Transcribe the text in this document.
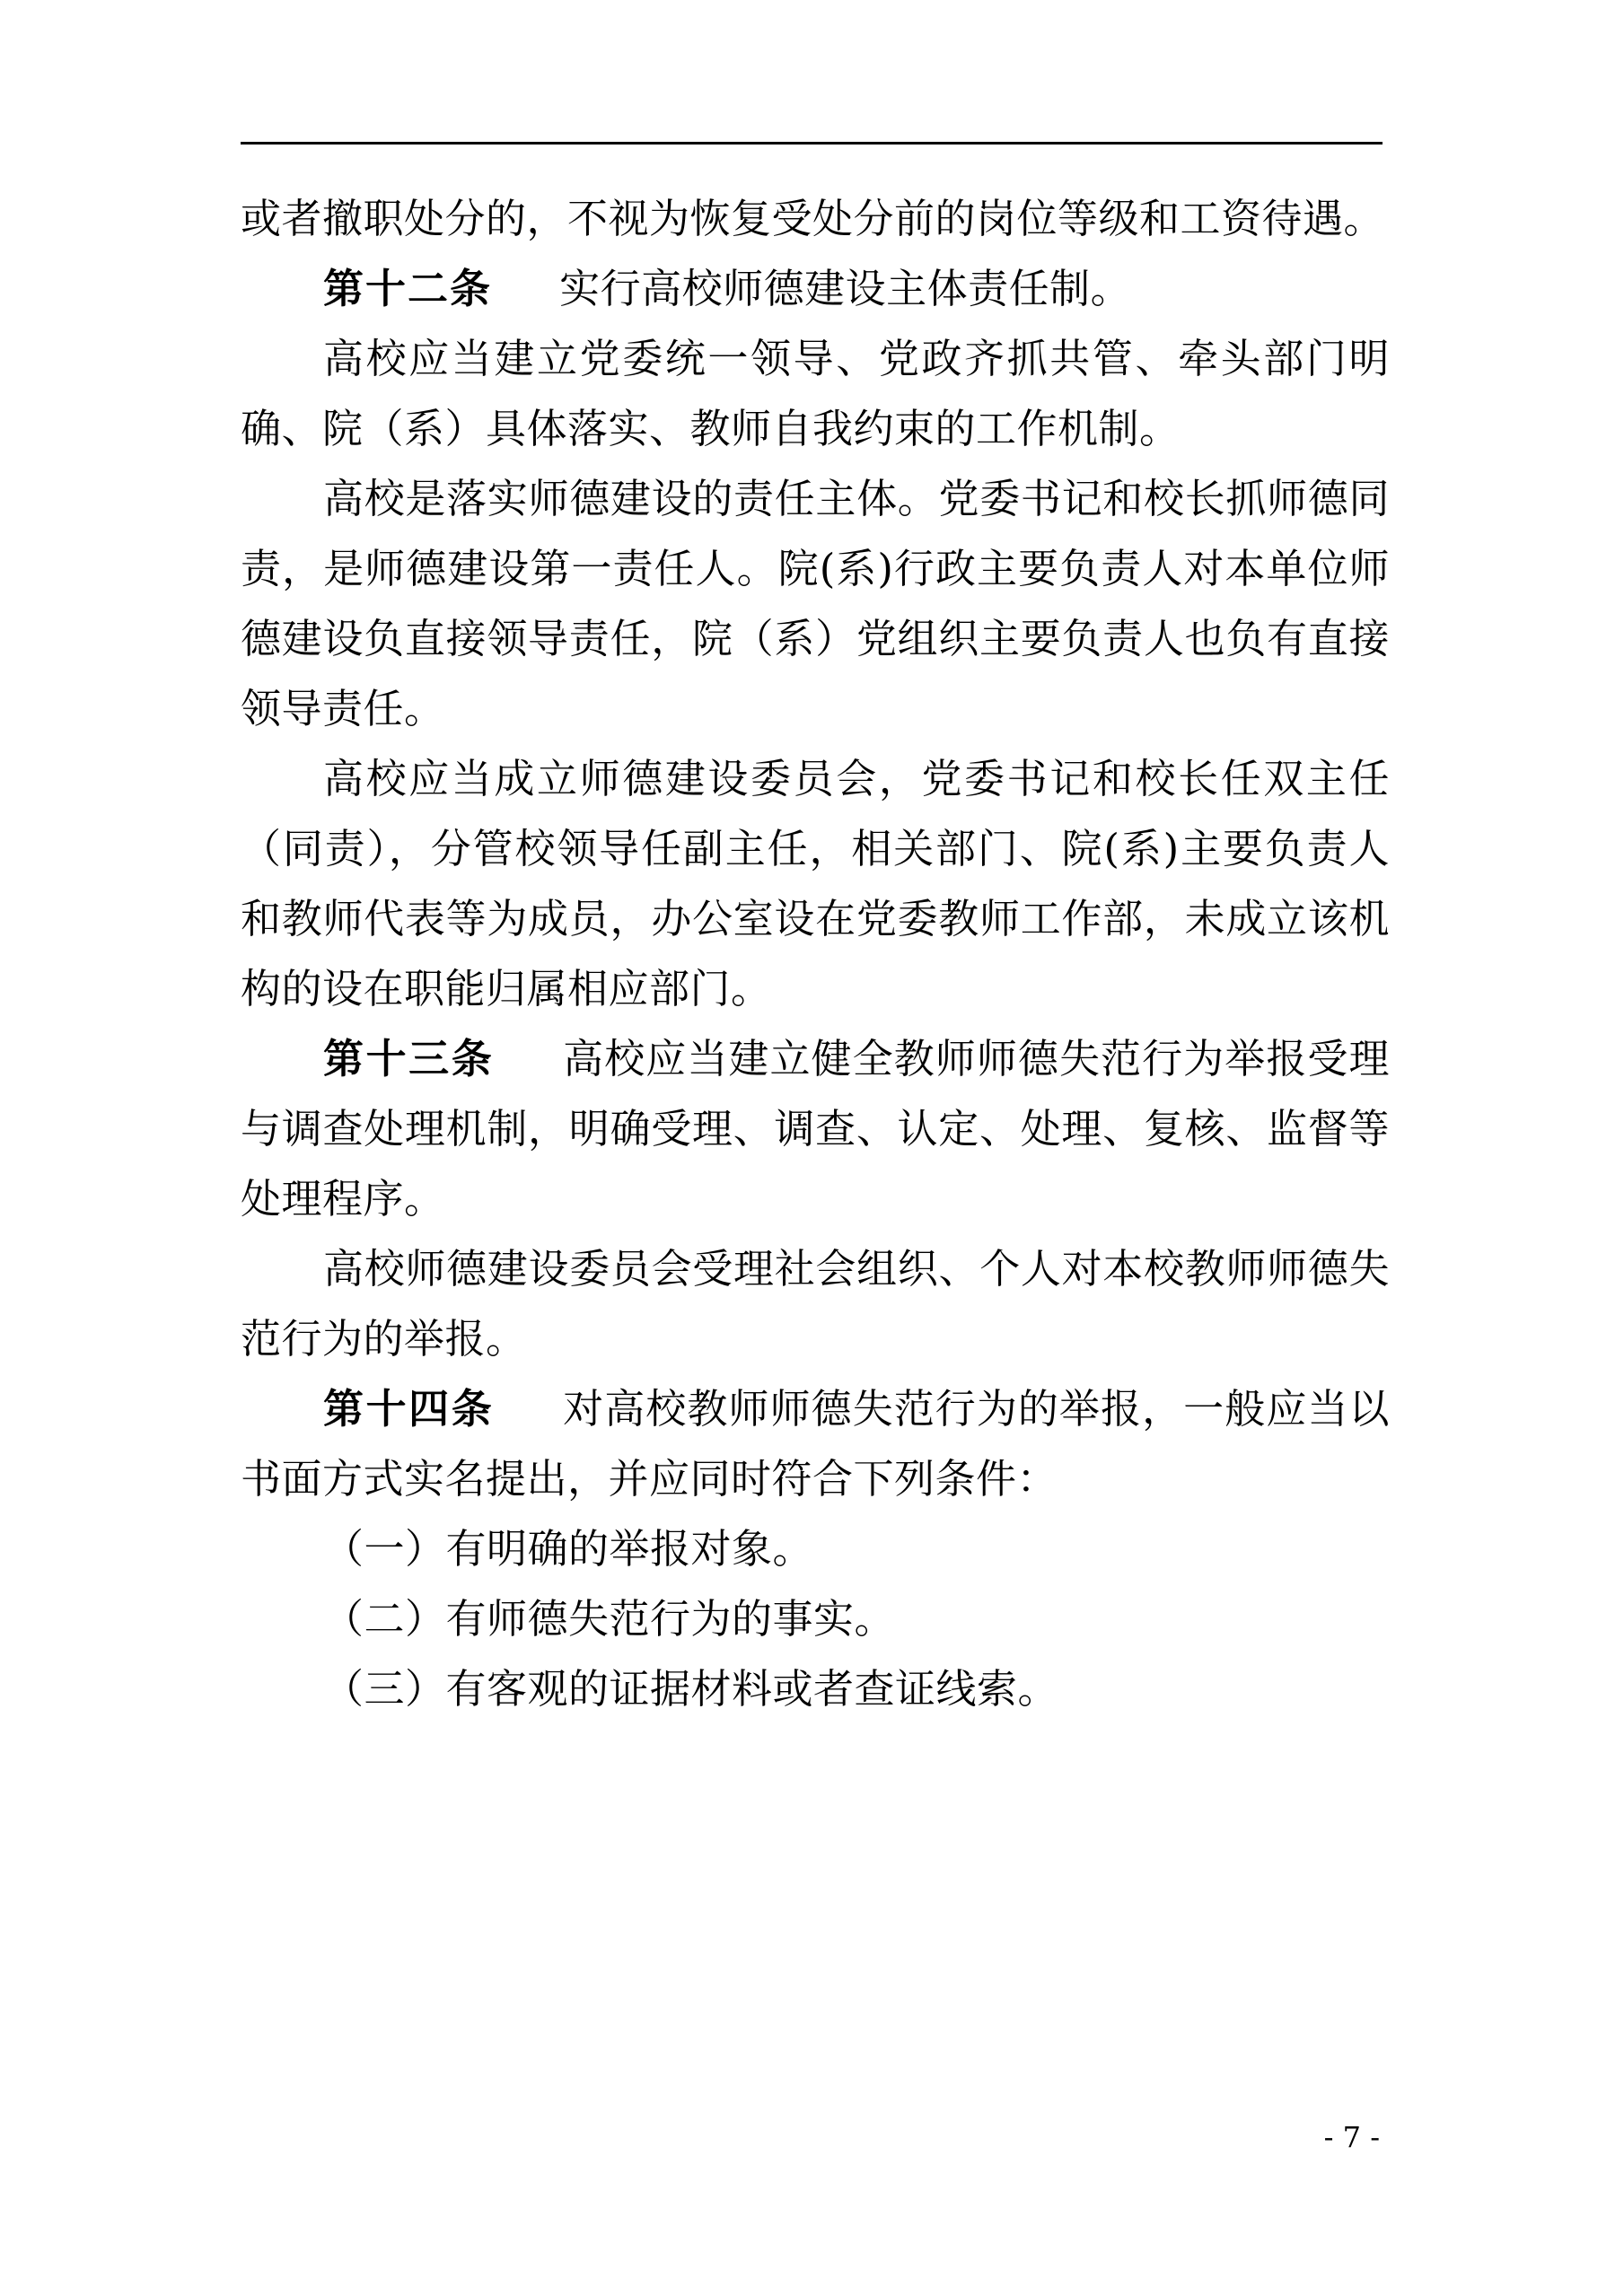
或者撤职处分的，不视为恢复受处分前的岗位等级和工资待遇。

第十二条 　 实行高校师德建设主体责任制。

高校应当建立党委统一领导、党政齐抓共管、牵头部门明确、院（系）具体落实、教师自我约束的工作机制。

高校是落实师德建设的责任主体。党委书记和校长抓师德同责，是师德建设第一责任人。院(系)行政主要负责人对本单位师德建设负直接领导责任，院（系）党组织主要负责人也负有直接领导责任。

高校应当成立师德建设委员会，党委书记和校长任双主任（同责），分管校领导任副主任，相关部门、院(系)主要负责人和教师代表等为成员，办公室设在党委教师工作部，未成立该机构的设在职能归属相应部门。

第十三条 　 高校应当建立健全教师师德失范行为举报受理与调查处理机制，明确受理、调查、认定、处理、复核、监督等处理程序。

高校师德建设委员会受理社会组织、个人对本校教师师德失范行为的举报。

第十四条 　 对高校教师师德失范行为的举报，一般应当以书面方式实名提出，并应同时符合下列条件：

（一）有明确的举报对象。

（二）有师德失范行为的事实。

（三）有客观的证据材料或者查证线索。

- 7 -
